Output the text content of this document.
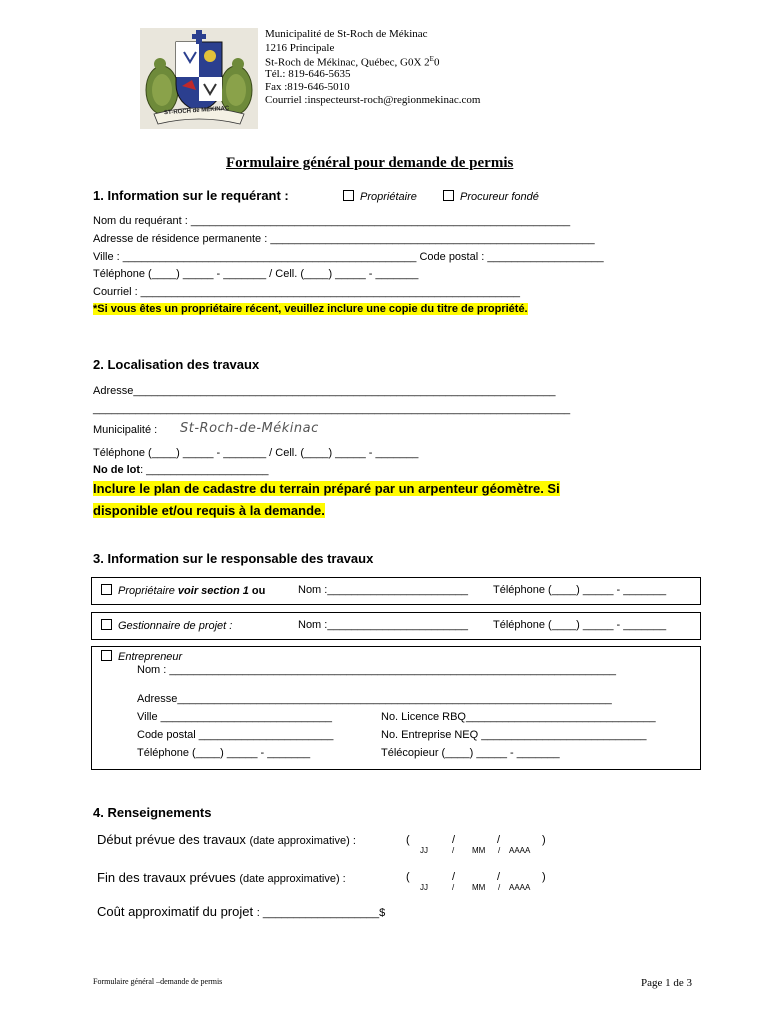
ST-ROCH de MÉKINAC
Municipalité de St-Roch de Mékinac
1216 Principale
St-Roch de Mékinac, Québec, G0X $2^E0$
Tél.: 819-646-5635
Fax :819-646-5010
Courriel :inspecteurst-roch@regionmekinac.com
Formulaire général pour demande de permis
1. Information sur le requérant :	Propriétaire	Procureur fondé
Nom du requérant : ______________________________________________________________
Adresse de résidence permanente : _____________________________________________________
Ville : ________________________________________________ Code postal : ___________________
Téléphone (____) _____ - _______ / Cell. (____) _____ - _______
Courriel : ______________________________________________________________
*Si vous êtes un propriétaire récent, veuillez inclure une copie du titre de propriété.
2. Localisation des travaux
Adresse_____________________________________________________________________
______________________________________________________________________________
Municipalité : St-Roch-de-Mékinac
Téléphone (____) _____ - _______ / Cell. (____) _____ - _______
No de lot: ____________________
Inclure le plan de cadastre du terrain préparé par un arpenteur géomètre. Si
disponible et/ou requis à la demande.
3. Information sur le responsable des travaux
Propriétaire voir section 1 ou	Nom :_______________________ Téléphone (____) _____ - _______
Gestionnaire de projet :	Nom :_______________________ Téléphone (____) _____ - _______
Entrepreneur
Nom : _________________________________________________________________________
Adresse_______________________________________________________________________
Ville ____________________________	No. Licence RBQ_______________________________
Code postal ______________________	No. Entreprise NEQ ___________________________
Téléphone (____) _____ - _______	Télécopieur (____) _____ - _______
4. Renseignements
Début prévue des travaux (date approximative) :	(	/	/	)
JJ	/ MM / AAAA
Fin des travaux prévues (date approximative) :	(	/	/	)
JJ	/ MM / AAAA
Coût approximatif du projet : ___________________$
Formulaire général –demande de permis	Page 1 de 3
